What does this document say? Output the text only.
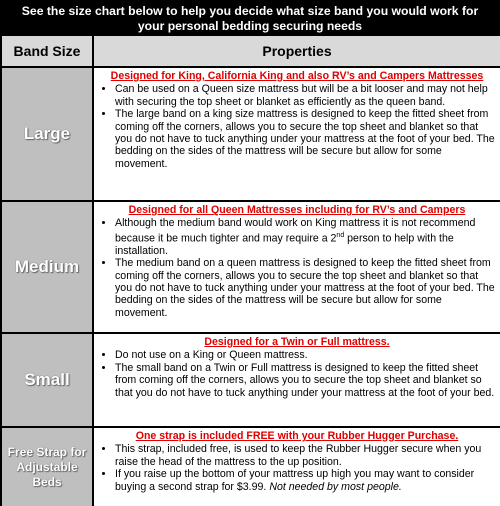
See the size chart below to help you decide what size band you would work for
your personal bedding securing needs
Band Size	Properties
Large
Designed for King, California King and also RV’s and Campers Mattresses
• Can be used on a Queen size mattress but will be a bit looser and may not help with securing the top sheet or blanket as efficiently as the queen band.
• The large band on a king size mattress is designed to keep the fitted sheet from coming off the corners, allows you to secure the top sheet and blanket so that you do not have to tuck anything under your mattress at the foot of your bed. The bedding on the sides of the mattress will be secure but allow for some movement.
Medium
Designed for all Queen Mattresses including for RV’s and Campers
• Although the medium band would work on King mattress it is not recommend because it be much tighter and may require a 2nd person to help with the installation.
• The medium band on a queen mattress is designed to keep the fitted sheet from coming off the corners, allows you to secure the top sheet and blanket so that you do not have to tuck anything under your mattress at the foot of your bed. The bedding on the sides of the mattress will be secure but allow for some movement.
Small
Designed for a Twin or Full mattress.
• Do not use on a King or Queen mattress.
• The small band on a Twin or Full mattress is designed to keep the fitted sheet from coming off the corners, allows you to secure the top sheet and blanket so that you do not have to tuck anything under your mattress at the foot of your bed.
Free Strap for Adjustable Beds
One strap is included FREE with your Rubber Hugger Purchase.
• This strap, included free, is used to keep the Rubber Hugger secure when you raise the head of the mattress to the up position.
• If you raise up the bottom of your mattress up high you may want to consider buying a second strap for $3.99. Not needed by most people.
